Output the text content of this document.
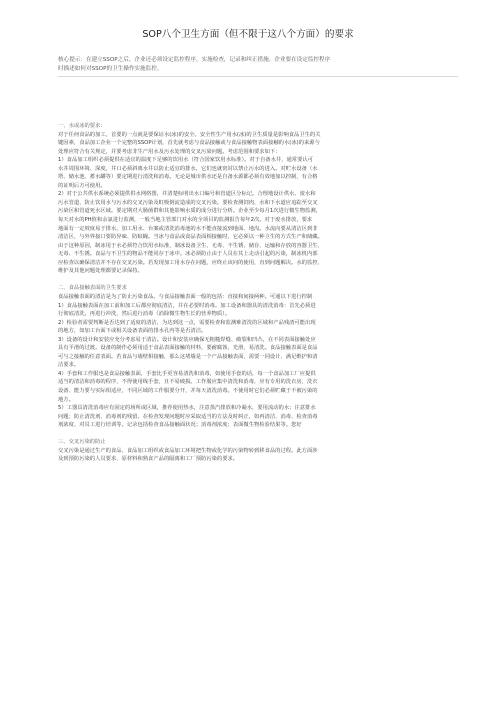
SOP八个卫生方面（但不限于这八个方面）的要求
核心提示：在建立SSOP之后，企业还必须设定监控程序，实施检查，记录和纠正措施。企业要在设定监控程序
时描述如何对SSOP的卫生操作实施监控。
一、水或冰的要求：
对于任何食品的加工，首要的一点就是要保证水(冰)的安全。安全性生产用水(冰)的卫生质量是影响食品卫生的关
键因素，食品加工企业一个完整的SSOP计划，首先就考虑与食品接触或与食品接触物表面接触的水(冰)的来源与
处理应符合有关规定，并要考虑非生产用水及污水处理的交叉污染问题。考虑范围和要求如下：
1）食品加工组织必须提供在适宜的温度下足够的饮用水（符合国家饮用水标准）。对于自备水井，通常要认可
水井周围环境、深度，井口必须斜离水井以防止适宜的排水，它们也就密封以禁止污水的进入。对贮水设备（水
塔、储水池、蓄水罐等）要定期进行清洗和消毒。无论是城市供水还是自备水源都必须有效地加以控制，有合格
的证明后方可使用。
2）对于公共供水系统必须提供供水网络图，并清楚标明出水口编号和管道区分标记。合理地设计供水、废水和
污水管道，防止饮用水与污水的交叉污染及虹吸倒流造成的交叉污染。要检查测饲肉，水和下水道应追踪至交叉
污染区和管道死水区域。要定期对大肠菌群和其他影响水质的成分进行分析。企业至少每月1次进行微生物监测，
每天对水的PH值和余氯进行监测，一般当地主管部门对水的全项目的监测报告每年2次。对于废水排放，要求
地面有一定坡度易于排水，加工用水、台案或清洗消毒池的水不能直接流到地面、地沟。水流向要从清洁区到非
清洁区，与外界接口要防异味、防蚊蝇。当冰与食品或食品表面相接触时，它必须以一种卫生的方式生产和储藏。
由于这种原因，制冰用于水必须符合饮用水标准，制冰设备卫生、无毒、不生锈，储存、运输和存放的容器卫生、
无毒、不生锈。食品与不卫生的物品不能同存于冰中。冰必须防止由于人员在其上走动引起的污染，制冰机内部
应检查以确保清洁并不存在交叉污染。若发现加工用水存在问题，应终止该问的使用，直到问题解决。水的监控、
维护及其他问题处理都要记录保持。
二、食品接触表面的卫生要求
食品接触表面的清洁是为了防止污染食品。与食品接触表面一般的包括：直接和间接两种。可通以下进行控制
1）食品接触表面在加工前和加工后都应彻底清洁，并在必要时消毒。加工设备和器具的清洗消毒：首先必须进
行彻底清洗，再进行冲洗，然后进行消毒（消除微生物生长的营养物质）。
2）检验者需要判断是否达到了适度的清洁，为达到这一点，需要检查和监测难清洗的区域和产品残渣可能出现
的地方，如加工台面下或相关设备表面的排水孔内等是否清洁。
3）设备的设计和安装应充分考虑易于清洁。设计和安装应确保无粗糙焊缝、破裂和凹凸，在不同表面接触处应
具有平滑的过渡。设备的制作必须用适于食品表面接触的材料，要耐腐蚀、光滑、易清洗。食品接触表面是食品
可与之接触的任意表面。若食品与墙壁相接触，那么这堵墙是一个产品接触表面，需要一同设计、满足维护和清
洁要求。
4）手套和工作服也是食品接触表面，手套比手更容易清洗和消毒，如使用手套的话，每一个食品加工厂应提供
适当的清洁和消毒的程序，不得使用线手套，且不易破损。工作服应集中清洗和消毒，应有专用的洗衣房，洗衣
设备、能力要与实际相适应，不同区域的工作服要分开，并每天清洗消毒。不使用时它们必须贮藏于不被污染的
地方。
5）工器具清洗消毒应有固定的场所或区域，推荐使用热水，注意蒸汽排放和冷凝水，要用流动的水；注意排水
问题；防止清洗剂、消毒剂的残留。在检查发现问题时应采取适当的方法及时纠正，如再清洁、消毒、检查消毒
剂浓度、对员工进行培训等。记录包括检查食品接触面状况；消毒剂浓度；表面微生物检验结果等。您好
三、交叉污染的防止
交叉污染是通过生产的食品、食品加工组织或食品加工环境把生物或化学的污染物转到移食品的过程。此方面涉
及到预防污染的人员要求、原材料和熟食产品的隔离和工厂预防污染的要求。
